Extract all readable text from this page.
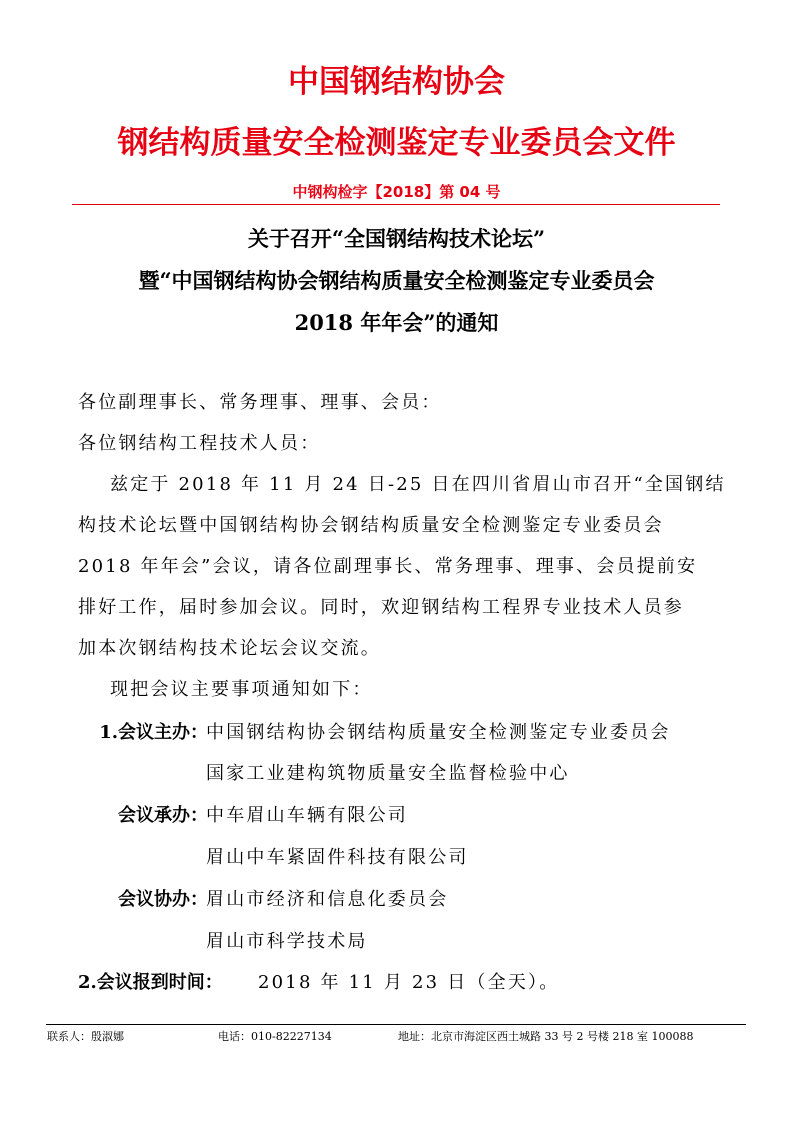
中国钢结构协会
钢结构质量安全检测鉴定专业委员会文件
中钢构检字【2018】第 04 号
关于召开“全国钢结构技术论坛”
暨“中国钢结构协会钢结构质量安全检测鉴定专业委员会
2018 年年会”的通知
各位副理事长、常务理事、理事、会员：
各位钢结构工程技术人员：
兹定于 2018 年 11 月 24 日-25 日在四川省眉山市召开“全国钢结
构技术论坛暨中国钢结构协会钢结构质量安全检测鉴定专业委员会
2018 年年会”会议，请各位副理事长、常务理事、理事、会员提前安
排好工作，届时参加会议。同时，欢迎钢结构工程界专业技术人员参
加本次钢结构技术论坛会议交流。
现把会议主要事项通知如下：
1.会议主办：
中国钢结构协会钢结构质量安全检测鉴定专业委员会
国家工业建构筑物质量安全监督检验中心
会议承办：
中车眉山车辆有限公司
眉山中车紧固件科技有限公司
会议协办：
眉山市经济和信息化委员会
眉山市科学技术局
2.会议报到时间： 2018 年 11 月 23 日（全天）。
联系人：殷淑娜	电话：010-82227134	地址：北京市海淀区西土城路 33 号 2 号楼 218 室 100088
